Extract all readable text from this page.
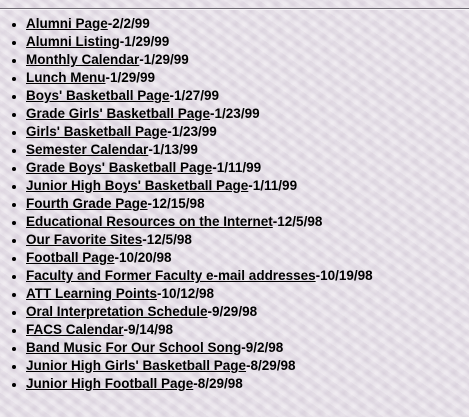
• Alumni Page-2/2/99
• Alumni Listing-1/29/99
• Monthly Calendar-1/29/99
• Lunch Menu-1/29/99
• Boys' Basketball Page-1/27/99
• Grade Girls' Basketball Page-1/23/99
• Girls' Basketball Page-1/23/99
• Semester Calendar-1/13/99
• Grade Boys' Basketball Page-1/11/99
• Junior High Boys' Basketball Page-1/11/99
• Fourth Grade Page-12/15/98
• Educational Resources on the Internet-12/5/98
• Our Favorite Sites-12/5/98
• Football Page-10/20/98
• Faculty and Former Faculty e-mail addresses-10/19/98
• ATT Learning Points-10/12/98
• Oral Interpretation Schedule-9/29/98
• FACS Calendar-9/14/98
• Band Music For Our School Song-9/2/98
• Junior High Girls' Basketball Page-8/29/98
• Junior High Football Page-8/29/98
